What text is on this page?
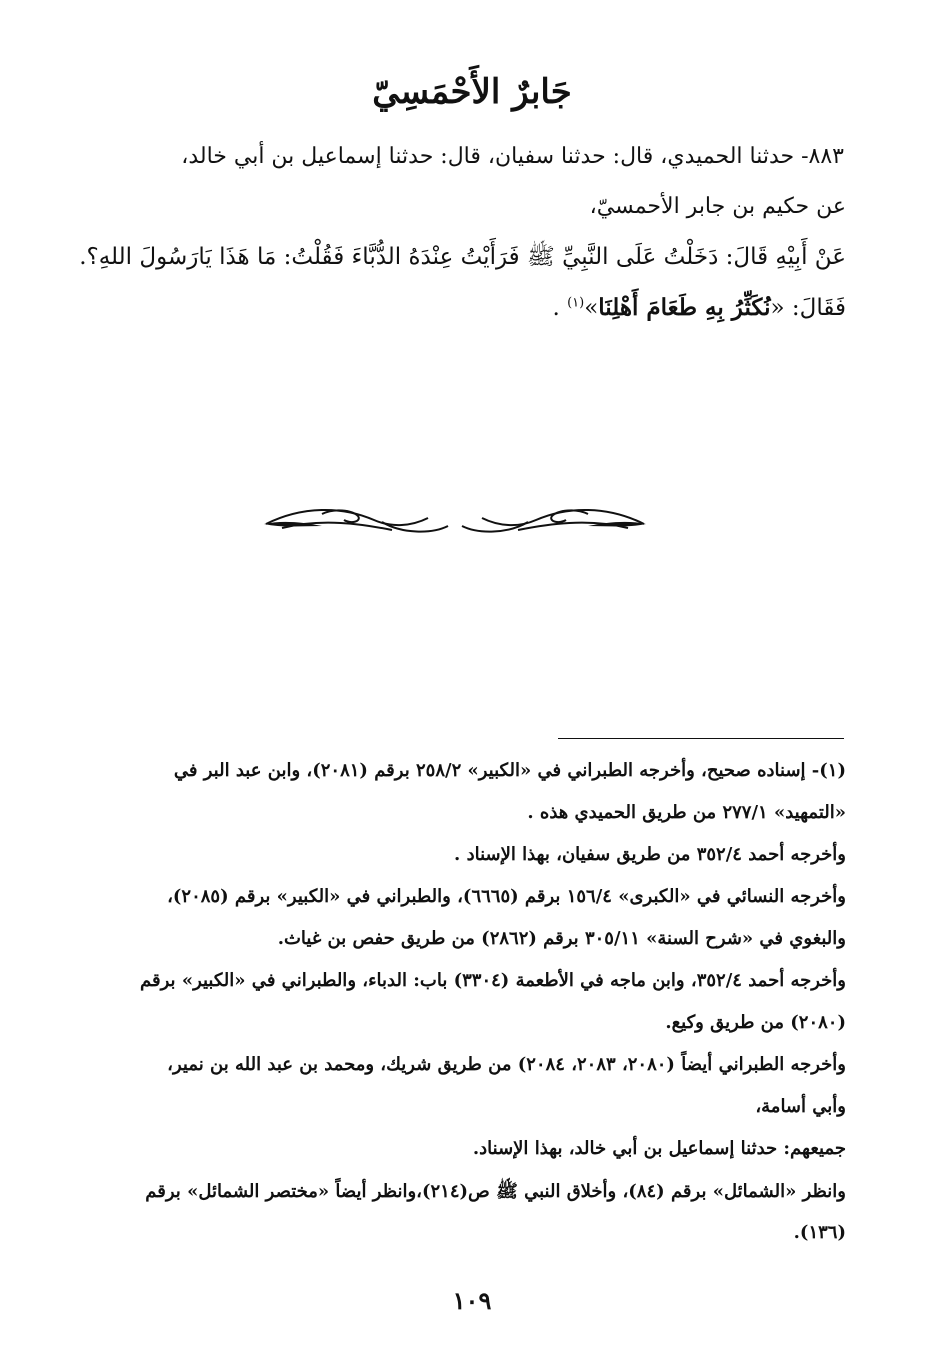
جَابرٌ الأَحْمَسِيّ
٨٨٣- حدثنا الحميدي، قال: حدثنا سفيان، قال: حدثنا إسماعيل بن أبي خالد،
عن حكيم بن جابر الأحمسيّ،
عَنْ أَبِيْهِ قَالَ: دَخَلْتُ عَلَى النَّبِيِّ ﷺ فَرَأَيْتُ عِنْدَهُ الدُّبَّاءَ فَقُلْتُ: مَا هَذَا يَارَسُولَ اللهِ؟.
فَقَالَ: «نُكَثِّرُ بِهِ طَعَامَ أَهْلِنَا»$^{(١)}$ .
(١)- إسناده صحيح، وأخرجه الطبراني في «الكبير» ٢٥٨/٢ برقم (٢٠٨١)، وابن عبد البر في
«التمهيد» ٢٧٧/١ من طريق الحميدي هذه .
وأخرجه أحمد ٣٥٢/٤ من طريق سفيان، بهذا الإسناد .
وأخرجه النسائي في «الكبرى» ١٥٦/٤ برقم (٦٦٦٥)، والطبراني في «الكبير» برقم (٢٠٨٥)،
والبغوي في «شرح السنة» ٣٠٥/١١ برقم (٢٨٦٢) من طريق حفص بن غياث.
وأخرجه أحمد ٣٥٢/٤، وابن ماجه في الأطعمة (٣٣٠٤) باب: الدباء، والطبراني في «الكبير» برقم
(٢٠٨٠) من طريق وكيع.
وأخرجه الطبراني أيضاً (٢٠٨٠، ٢٠٨٣، ٢٠٨٤) من طريق شريك، ومحمد بن عبد الله بن نمير،
وأبي أسامة،
جميعهم: حدثنا إسماعيل بن أبي خالد، بهذا الإسناد.
وانظر «الشمائل» برقم (٨٤)، وأخلاق النبي ﷺ ص(٢١٤)،وانظر أيضاً «مختصر الشمائل» برقم
(١٣٦).
١٠٩
